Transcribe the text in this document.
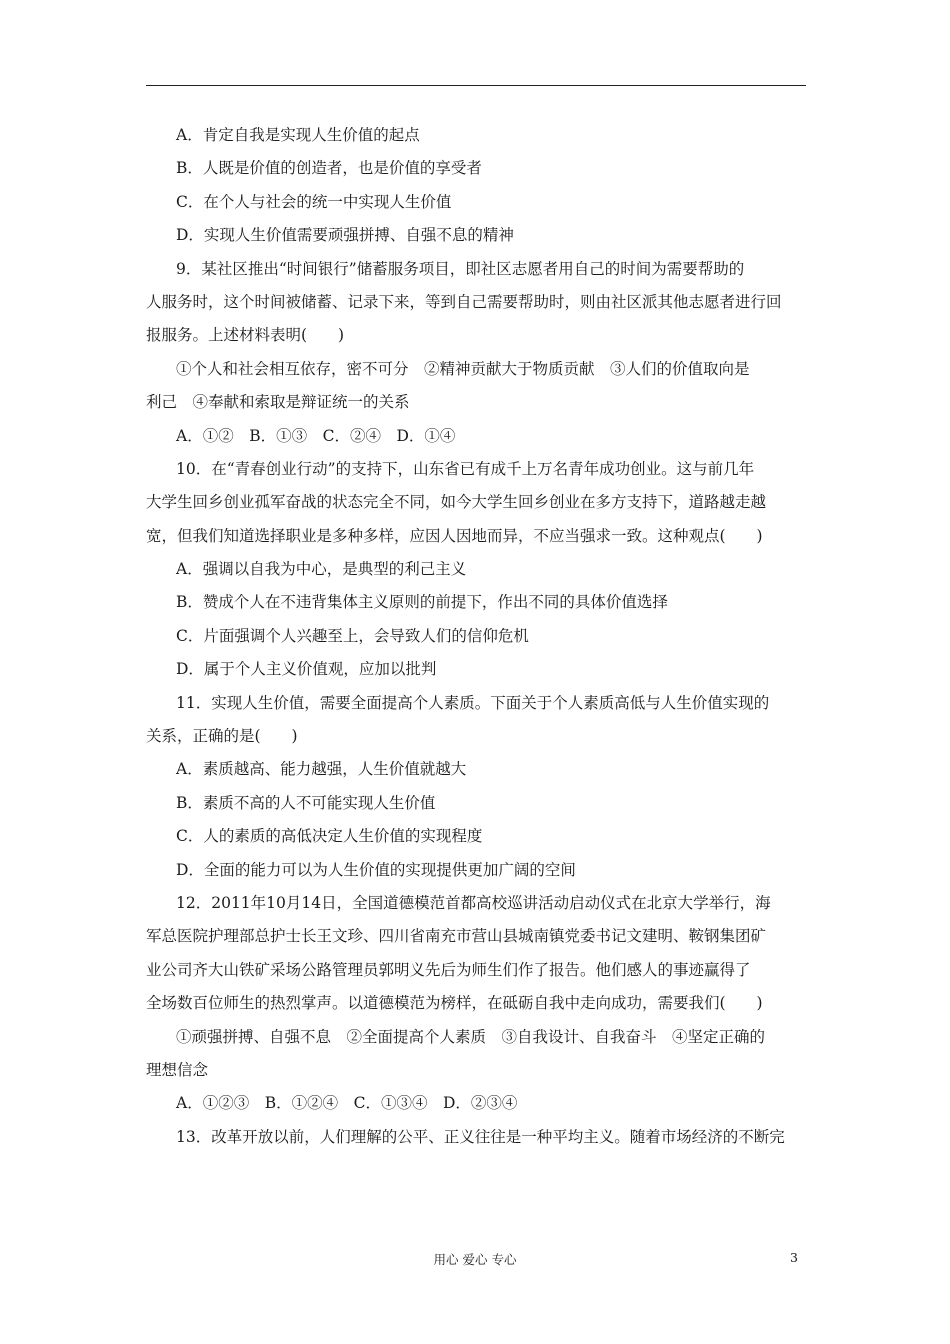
A．肯定自我是实现人生价值的起点
B．人既是价值的创造者，也是价值的享受者
C．在个人与社会的统一中实现人生价值
D．实现人生价值需要顽强拼搏、自强不息的精神
9．某社区推出“时间银行”储蓄服务项目，即社区志愿者用自己的时间为需要帮助的
人服务时，这个时间被储蓄、记录下来，等到自己需要帮助时，则由社区派其他志愿者进行回
报服务。上述材料表明(　　)
①个人和社会相互依存，密不可分　②精神贡献大于物质贡献　③人们的价值取向是
利己　④奉献和索取是辩证统一的关系
A．①②　B．①③　C．②④　D．①④
10．在“青春创业行动”的支持下，山东省已有成千上万名青年成功创业。这与前几年
大学生回乡创业孤军奋战的状态完全不同，如今大学生回乡创业在多方支持下，道路越走越
宽，但我们知道选择职业是多种多样，应因人因地而异，不应当强求一致。这种观点(　　)
A．强调以自我为中心，是典型的利己主义
B．赞成个人在不违背集体主义原则的前提下，作出不同的具体价值选择
C．片面强调个人兴趣至上，会导致人们的信仰危机
D．属于个人主义价值观，应加以批判
11．实现人生价值，需要全面提高个人素质。下面关于个人素质高低与人生价值实现的
关系，正确的是(　　)
A．素质越高、能力越强，人生价值就越大
B．素质不高的人不可能实现人生价值
C．人的素质的高低决定人生价值的实现程度
D．全面的能力可以为人生价值的实现提供更加广阔的空间
12．2011年10月14日，全国道德模范首都高校巡讲活动启动仪式在北京大学举行，海
军总医院护理部总护士长王文珍、四川省南充市营山县城南镇党委书记文建明、鞍钢集团矿
业公司齐大山铁矿采场公路管理员郭明义先后为师生们作了报告。他们感人的事迹赢得了
全场数百位师生的热烈掌声。以道德模范为榜样，在砥砺自我中走向成功，需要我们(　　)
①顽强拼搏、自强不息　②全面提高个人素质　③自我设计、自我奋斗　④坚定正确的
理想信念
A．①②③　B．①②④　C．①③④　D．②③④
13．改革开放以前，人们理解的公平、正义往往是一种平均主义。随着市场经济的不断完
用心 爱心 专心	3
